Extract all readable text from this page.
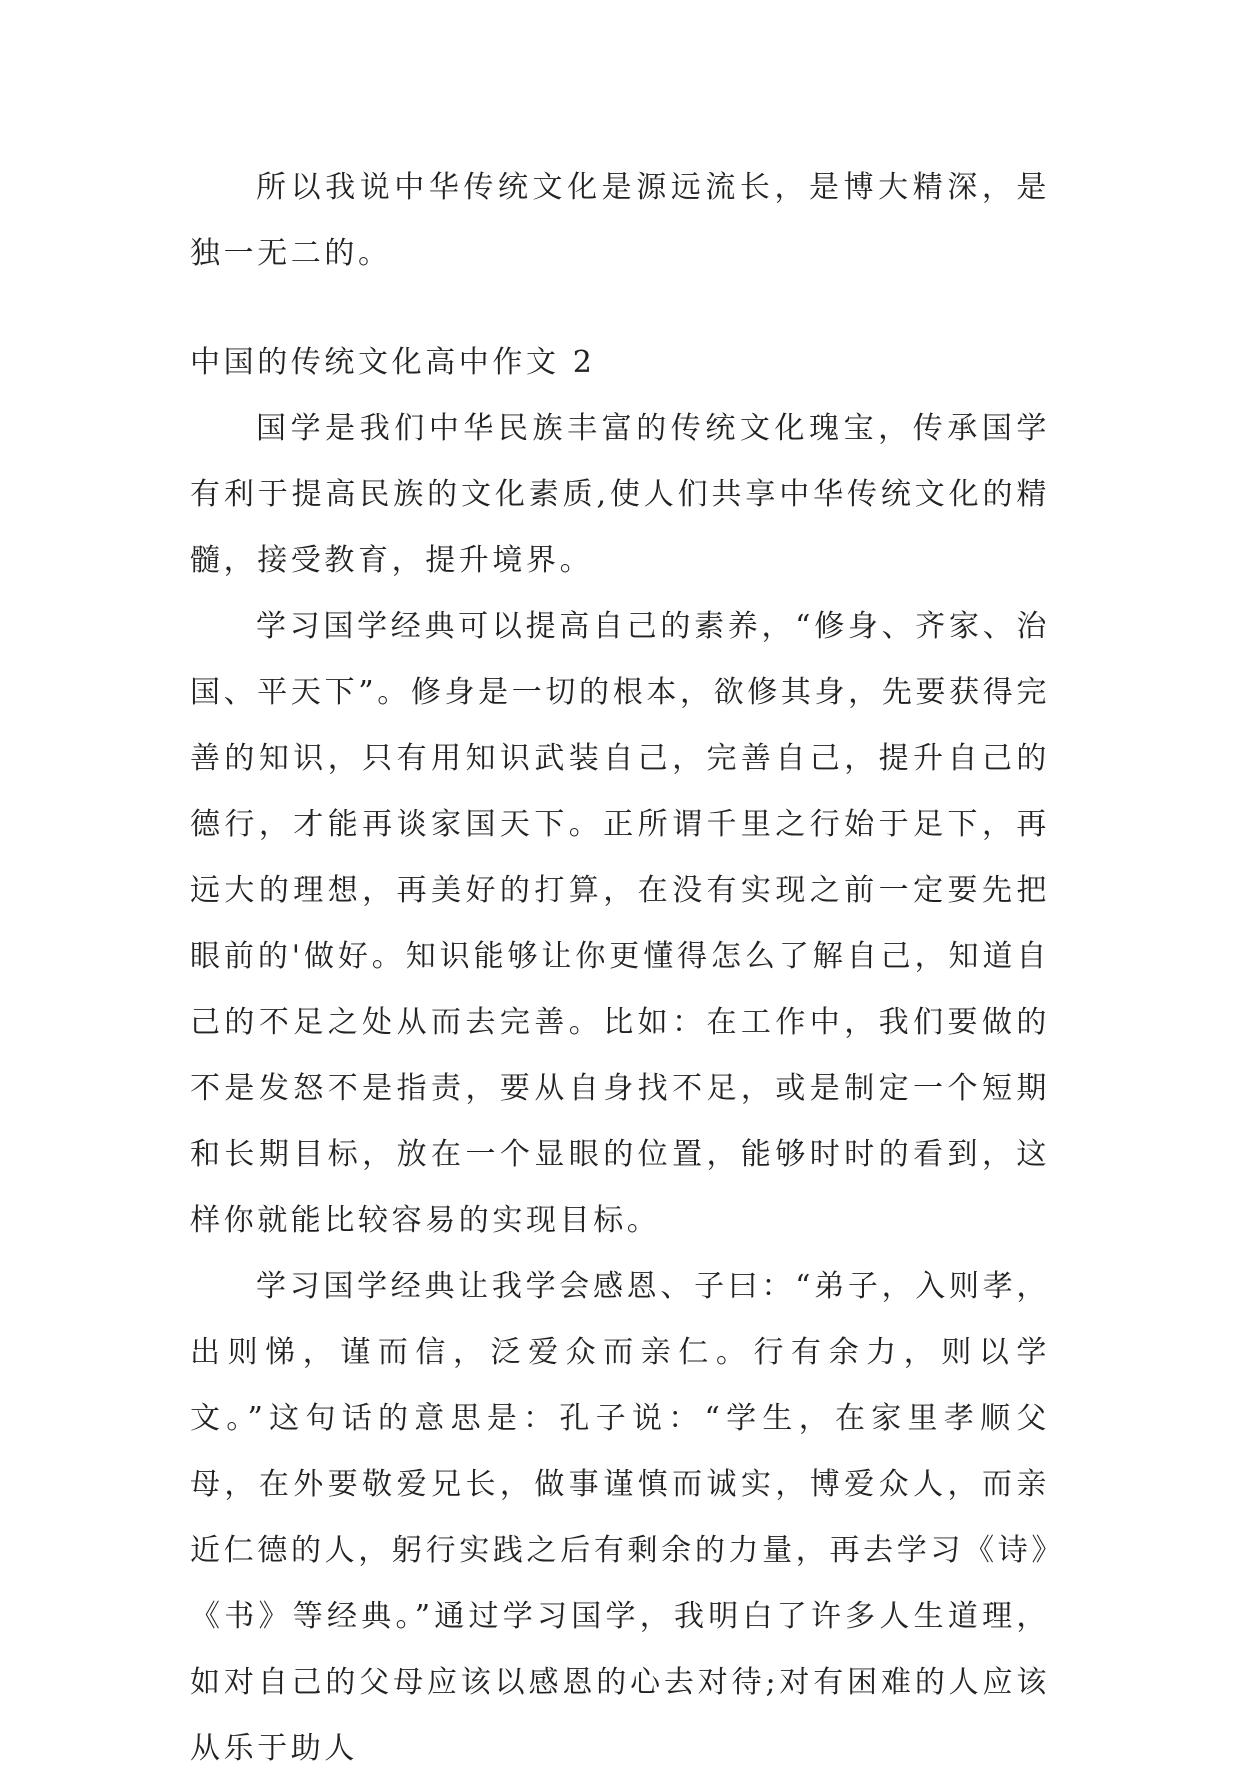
所以我说中华传统文化是源远流长，是博大精深，是独一无二的。

中国的传统文化高中作文 2

国学是我们中华民族丰富的传统文化瑰宝，传承国学有利于提高民族的文化素质,使人们共享中华传统文化的精髓，接受教育，提升境界。

学习国学经典可以提高自己的素养，“修身、齐家、治国、平天下”。修身是一切的根本，欲修其身，先要获得完善的知识，只有用知识武装自己，完善自己，提升自己的德行，才能再谈家国天下。正所谓千里之行始于足下，再远大的理想，再美好的打算，在没有实现之前一定要先把眼前的'做好。知识能够让你更懂得怎么了解自己，知道自己的不足之处从而去完善。比如：在工作中，我们要做的不是发怒不是指责，要从自身找不足，或是制定一个短期和长期目标，放在一个显眼的位置，能够时时的看到，这样你就能比较容易的实现目标。

学习国学经典让我学会感恩、子曰：“弟子，入则孝，出则悌，谨而信，泛爱众而亲仁。行有余力，则以学文。”这句话的意思是：孔子说：“学生，在家里孝顺父母，在外要敬爱兄长，做事谨慎而诚实，博爱众人，而亲近仁德的人，躬行实践之后有剩余的力量，再去学习《诗》《书》等经典。”通过学习国学，我明白了许多人生道理，如对自己的父母应该以感恩的心去对待;对有困难的人应该从乐于助人
